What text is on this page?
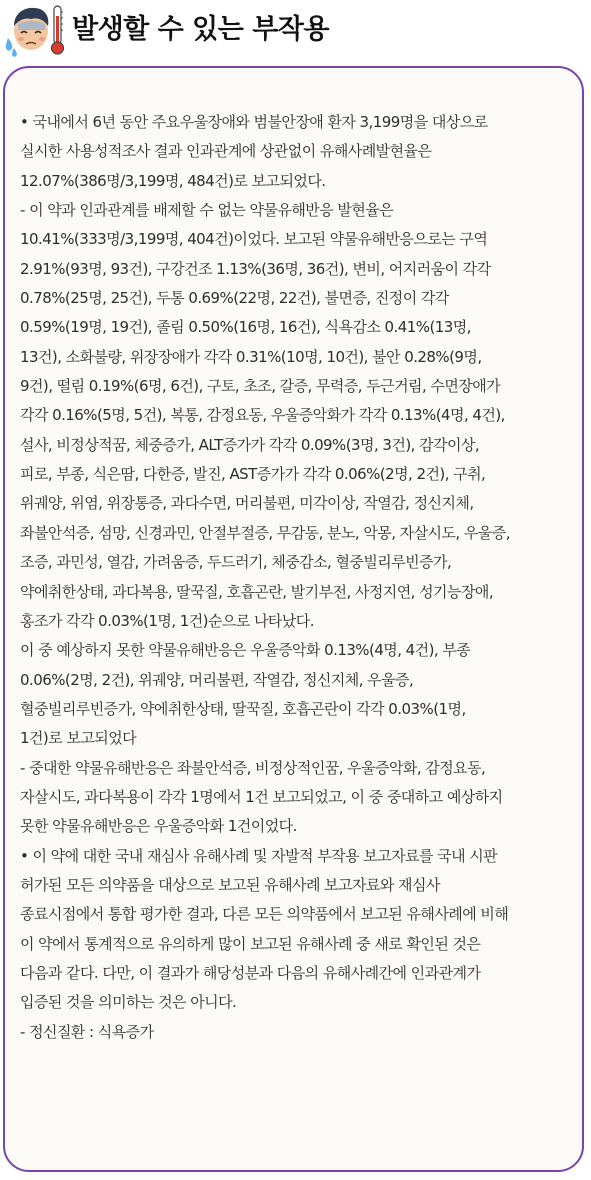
발생할 수 있는 부작용
• 국내에서 6년 동안 주요우울장애와 범불안장애 환자 3,199명을 대상으로
실시한 사용성적조사 결과 인과관계에 상관없이 유해사례발현율은
12.07%(386명/3,199명, 484건)로 보고되었다.
- 이 약과 인과관계를 배제할 수 없는 약물유해반응 발현율은
10.41%(333명/3,199명, 404건)이었다. 보고된 약물유해반응으로는 구역
2.91%(93명, 93건), 구강건조 1.13%(36명, 36건), 변비, 어지러움이 각각
0.78%(25명, 25건), 두통 0.69%(22명, 22건), 불면증, 진정이 각각
0.59%(19명, 19건), 졸림 0.50%(16명, 16건), 식욕감소 0.41%(13명,
13건), 소화불량, 위장장애가 각각 0.31%(10명, 10건), 불안 0.28%(9명,
9건), 떨림 0.19%(6명, 6건), 구토, 초조, 갈증, 무력증, 두근거림, 수면장애가
각각 0.16%(5명, 5건), 복통, 감정요동, 우울증악화가 각각 0.13%(4명, 4건),
설사, 비정상적꿈, 체중증가, ALT증가가 각각 0.09%(3명, 3건), 감각이상,
피로, 부종, 식은땀, 다한증, 발진, AST증가가 각각 0.06%(2명, 2건), 구취,
위궤양, 위염, 위장통증, 과다수면, 머리불편, 미각이상, 작열감, 정신지체,
좌불안석증, 섬망, 신경과민, 안절부절증, 무감동, 분노, 악몽, 자살시도, 우울증,
조증, 과민성, 열감, 가려움증, 두드러기, 체중감소, 혈중빌리루빈증가,
약에취한상태, 과다복용, 딸꾹질, 호흡곤란, 발기부전, 사정지연, 성기능장애,
홍조가 각각 0.03%(1명, 1건)순으로 나타났다.
이 중 예상하지 못한 약물유해반응은 우울증악화 0.13%(4명, 4건), 부종
0.06%(2명, 2건), 위궤양, 머리불편, 작열감, 정신지체, 우울증,
혈중빌리루빈증가, 약에취한상태, 딸꾹질, 호흡곤란이 각각 0.03%(1명,
1건)로 보고되었다
- 중대한 약물유해반응은 좌불안석증, 비정상적인꿈, 우울증악화, 감정요동,
자살시도, 과다복용이 각각 1명에서 1건 보고되었고, 이 중 중대하고 예상하지
못한 약물유해반응은 우울증악화 1건이었다.
• 이 약에 대한 국내 재심사 유해사례 및 자발적 부작용 보고자료를 국내 시판
허가된 모든 의약품을 대상으로 보고된 유해사례 보고자료와 재심사
종료시점에서 통합 평가한 결과, 다른 모든 의약품에서 보고된 유해사례에 비해
이 약에서 통계적으로 유의하게 많이 보고된 유해사례 중 새로 확인된 것은
다음과 같다. 다만, 이 결과가 해당성분과 다음의 유해사례간에 인과관계가
입증된 것을 의미하는 것은 아니다.
- 정신질환 : 식욕증가
